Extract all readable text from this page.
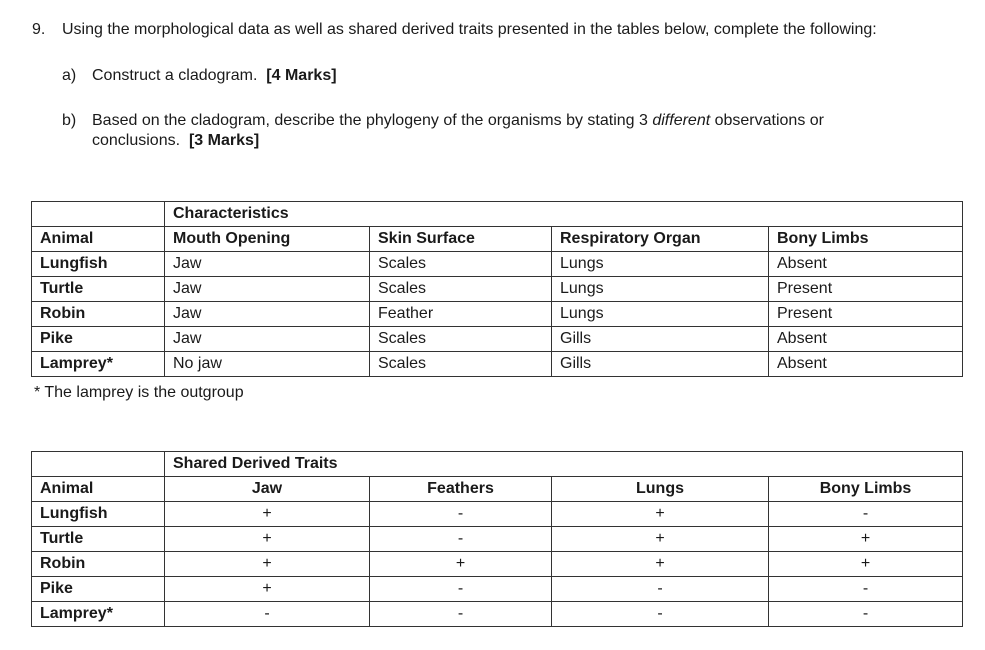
9. Using the morphological data as well as shared derived traits presented in the tables below, complete the following:
a) Construct a cladogram. [4 Marks]
b) Based on the cladogram, describe the phylogeny of the organisms by stating 3 different observations or
conclusions. [3 Marks]
	Characteristics			
Animal	Mouth Opening	Skin Surface	Respiratory Organ	Bony Limbs
Lungfish	Jaw	Scales	Lungs	Absent
Turtle	Jaw	Scales	Lungs	Present
Robin	Jaw	Feather	Lungs	Present
Pike	Jaw	Scales	Gills	Absent
Lamprey*	No jaw	Scales	Gills	Absent
* The lamprey is the outgroup
	Shared Derived Traits			
Animal	Jaw	Feathers	Lungs	Bony Limbs
Lungfish	+	-	+	-
Turtle	+	-	+	+
Robin	+	+	+	+
Pike	+	-	-	-
Lamprey*	-	-	-	-
